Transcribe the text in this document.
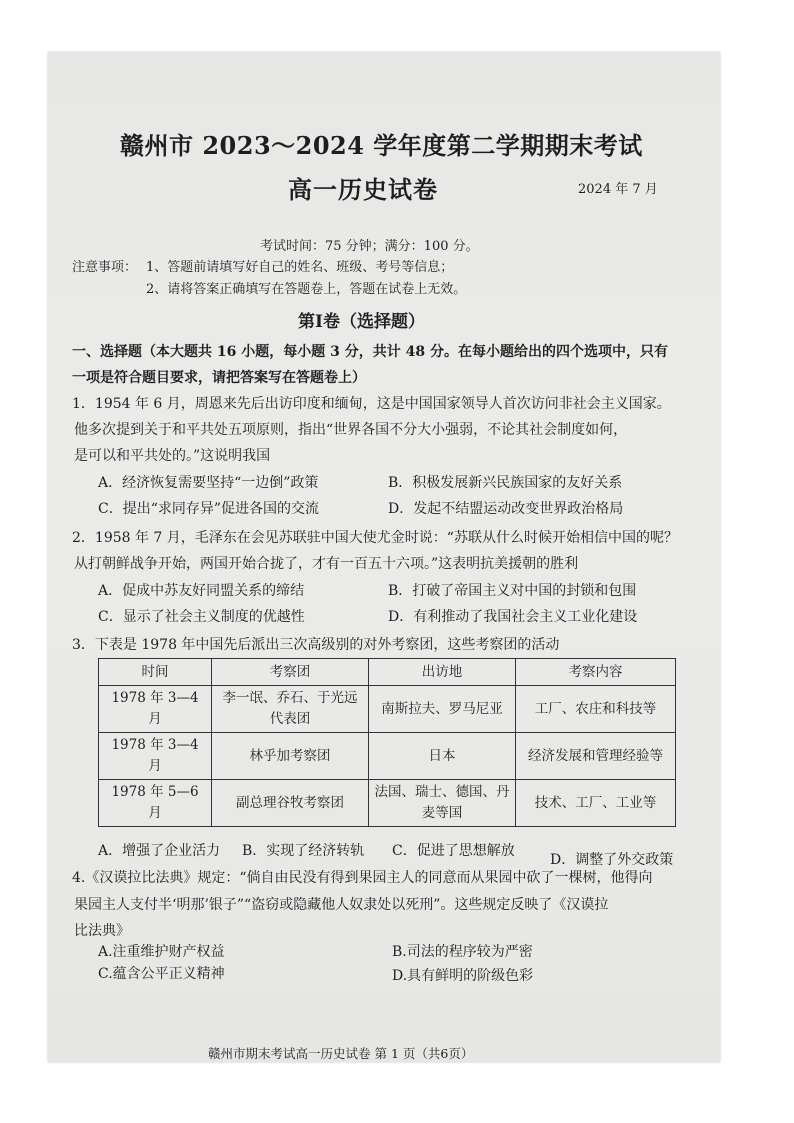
赣州市 2023～2024 学年度第二学期期末考试
高一历史试卷	2024 年 7 月
考试时间：75 分钟；满分：100 分。
注意事项： 1、答题前请填写好自己的姓名、班级、考号等信息；
2、请将答案正确填写在答题卷上，答题在试卷上无效。
第Ⅰ卷（选择题）
一、选择题（本大题共 16 小题，每小题 3 分，共计 48 分。在每小题给出的四个选项中，只有
一项是符合题目要求，请把答案写在答题卷上）
1．1954 年 6 月，周恩来先后出访印度和缅甸，这是中国国家领导人首次访问非社会主义国家。
他多次提到关于和平共处五项原则，指出“世界各国不分大小强弱，不论其社会制度如何，
是可以和平共处的。”这说明我国
A．经济恢复需要坚持“一边倒”政策	B．积极发展新兴民族国家的友好关系
C．提出“求同存异”促进各国的交流	D．发起不结盟运动改变世界政治格局
2．1958 年 7 月，毛泽东在会见苏联驻中国大使尤金时说：“苏联从什么时候开始相信中国的呢？
从打朝鲜战争开始，两国开始合拢了，才有一百五十六项。”这表明抗美援朝的胜利
A．促成中苏友好同盟关系的缔结	B．打破了帝国主义对中国的封锁和包围
C．显示了社会主义制度的优越性	D．有利推动了我国社会主义工业化建设
3．下表是 1978 年中国先后派出三次高级别的对外考察团，这些考察团的活动
时间	考察团	出访地	考察内容
1978 年 3—4 月	李一氓、乔石、于光远代表团	南斯拉夫、罗马尼亚	工厂、农庄和科技等
1978 年 3—4 月	林乎加考察团	日本	经济发展和管理经验等
1978 年 5—6 月	副总理谷牧考察团	法国、瑞士、德国、丹麦等国	技术、工厂、工业等
A．增强了企业活力 B．实现了经济转轨 C．促进了思想解放
D．调整了外交政策
4.《汉谟拉比法典》规定：“倘自由民没有得到果园主人的同意而从果园中砍了一棵树，他得向
果园主人支付半‘明那’银子”“盗窃或隐藏他人奴隶处以死刑”。这些规定反映了《汉谟拉
比法典》
A.注重维护财产权益	B.司法的程序较为严密
C.蕴含公平正义精神	D.具有鲜明的阶级色彩
赣州市期末考试高一历史试卷 第 1 页（共6页）
